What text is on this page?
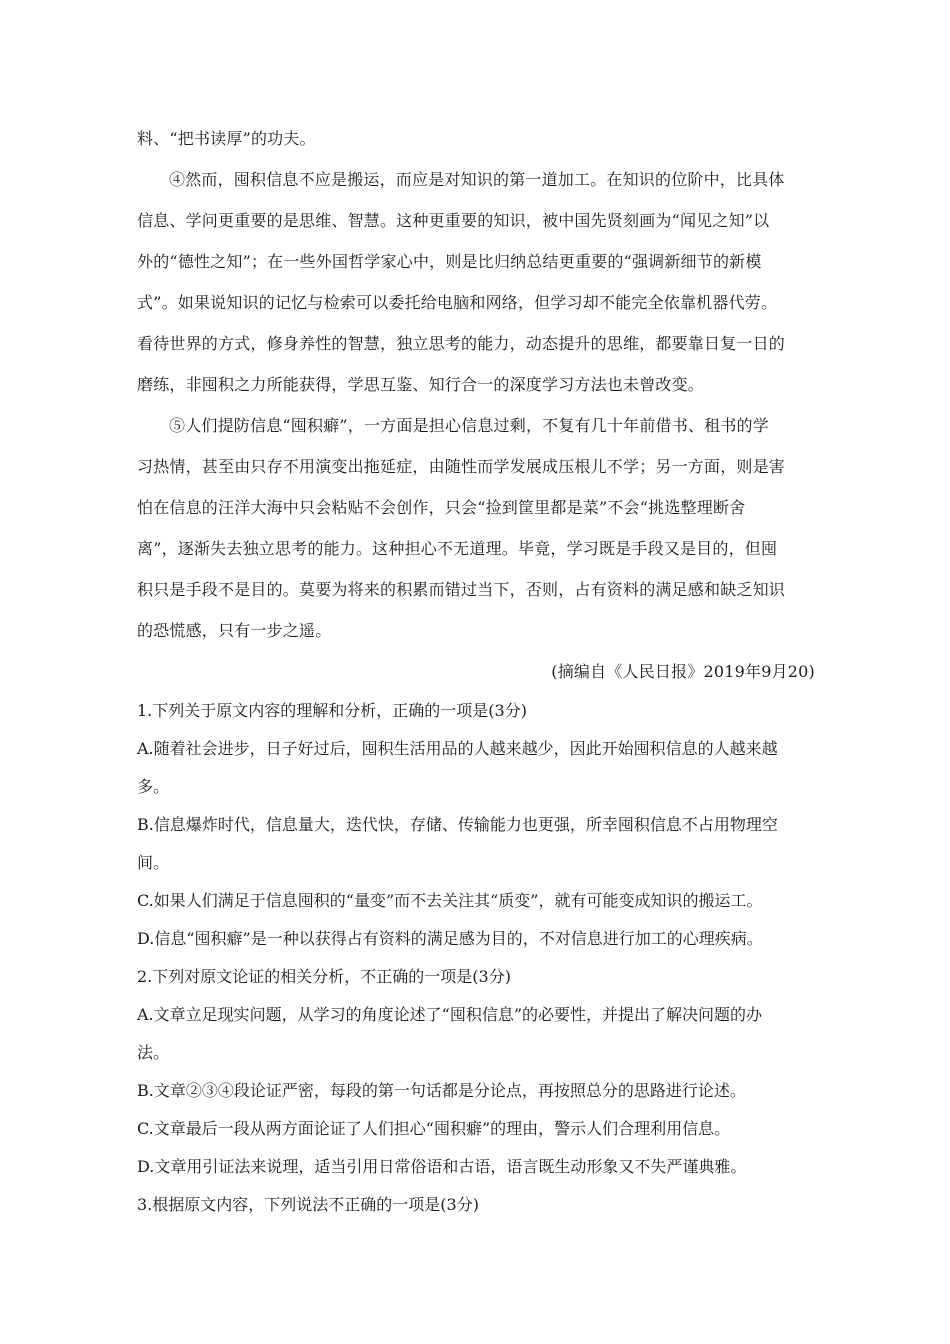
料、“把书读厚”的功夫。
④然而，囤积信息不应是搬运，而应是对知识的第一道加工。在知识的位阶中，比具体
信息、学问更重要的是思维、智慧。这种更重要的知识，被中国先贤刻画为“闻见之知”以
外的“德性之知”；在一些外国哲学家心中，则是比归纳总结更重要的“强调新细节的新模
式”。如果说知识的记忆与检索可以委托给电脑和网络，但学习却不能完全依靠机器代劳。
看待世界的方式，修身养性的智慧，独立思考的能力，动态提升的思维，都要靠日复一日的
磨练，非囤积之力所能获得，学思互鉴、知行合一的深度学习方法也未曾改变。
⑤人们提防信息“囤积癖”，一方面是担心信息过剩，不复有几十年前借书、租书的学
习热情，甚至由只存不用演变出拖延症，由随性而学发展成压根儿不学；另一方面，则是害
怕在信息的汪洋大海中只会粘贴不会创作，只会“捡到筐里都是菜”不会“挑选整理断舍
离”，逐渐失去独立思考的能力。这种担心不无道理。毕竟，学习既是手段又是目的，但囤
积只是手段不是目的。莫要为将来的积累而错过当下，否则，占有资料的满足感和缺乏知识
的恐慌感，只有一步之遥。
(摘编自《人民日报》2019年9月20)
1.下列关于原文内容的理解和分析，正确的一项是(3分)
A.随着社会进步，日子好过后，囤积生活用品的人越来越少，因此开始囤积信息的人越来越
多。
B.信息爆炸时代，信息量大，迭代快，存储、传输能力也更强，所幸囤积信息不占用物理空
间。
C.如果人们满足于信息囤积的“量变”而不去关注其“质变”，就有可能变成知识的搬运工。
D.信息“囤积癖”是一种以获得占有资料的满足感为目的，不对信息进行加工的心理疾病。
2.下列对原文论证的相关分析，不正确的一项是(3分)
A.文章立足现实问题，从学习的角度论述了“囤积信息”的必要性，并提出了解决问题的办
法。
B.文章②③④段论证严密，每段的第一句话都是分论点，再按照总分的思路进行论述。
C.文章最后一段从两方面论证了人们担心“囤积癖”的理由，警示人们合理利用信息。
D.文章用引证法来说理，适当引用日常俗语和古语，语言既生动形象又不失严谨典雅。
3.根据原文内容，下列说法不正确的一项是(3分)
